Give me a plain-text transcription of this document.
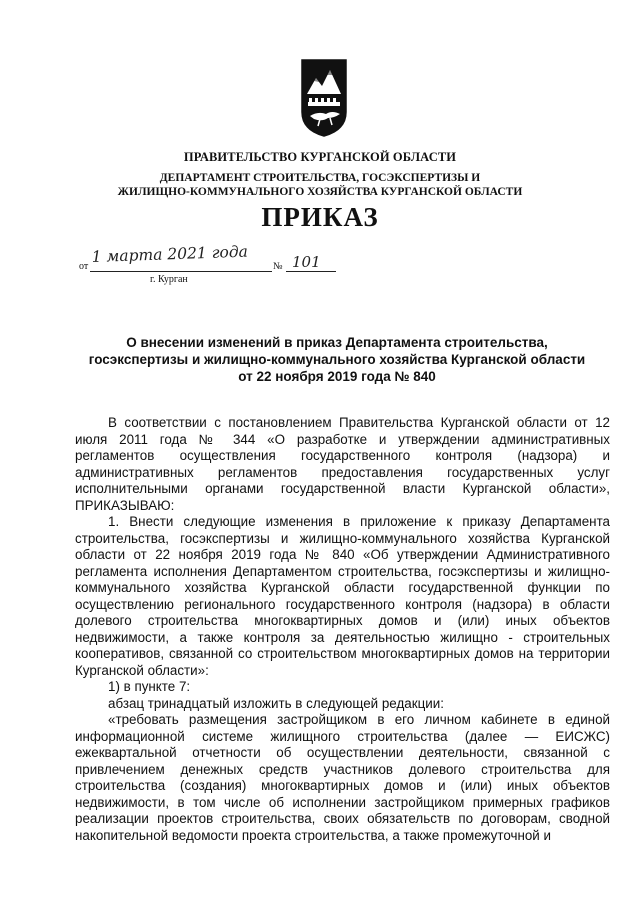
ПРАВИТЕЛЬСТВО КУРГАНСКОЙ ОБЛАСТИ
ДЕПАРТАМЕНТ СТРОИТЕЛЬСТВА, ГОСЭКСПЕРТИЗЫ И
ЖИЛИЩНО-КОММУНАЛЬНОГО ХОЗЯЙСТВА КУРГАНСКОЙ ОБЛАСТИ
ПРИКАЗ
от
1 марта 2021 года
№ 101
г. Курган
О внесении изменений в приказ Департамента строительства,
госэкспертизы и жилищно-коммунального хозяйства Курганской области
от 22 ноября 2019 года № 840

В соответствии с постановлением Правительства Курганской области от 12 июля 2011 года № 344 «О разработке и утверждении административных регламентов осуществления государственного контроля (надзора) и административных регламентов предоставления государственных услуг исполнительными органами государственной власти Курганской области», ПРИКАЗЫВАЮ:

1. Внести следующие изменения в приложение к приказу Департамента строительства, госэкспертизы и жилищно-коммунального хозяйства Курганской области от 22 ноября 2019 года № 840 «Об утверждении Административного регламента исполнения Департаментом строительства, госэкспертизы и жилищно-коммунального хозяйства Курганской области государственной функции по осуществлению регионального государственного контроля (надзора) в области долевого строительства многоквартирных домов и (или) иных объектов недвижимости, а также контроля за деятельностью жилищно - строительных кооперативов, связанной со строительством многоквартирных домов на территории Курганской области»:

1) в пункте 7:

абзац тринадцатый изложить в следующей редакции:

«требовать размещения застройщиком в его личном кабинете в единой информационной системе жилищного строительства (далее — ЕИСЖС) ежеквартальной отчетности об осуществлении деятельности, связанной с привлечением денежных средств участников долевого строительства для строительства (создания) многоквартирных домов и (или) иных объектов недвижимости, в том числе об исполнении застройщиком примерных графиков реализации проектов строительства, своих обязательств по договорам, сводной накопительной ведомости проекта строительства, а также промежуточной и
